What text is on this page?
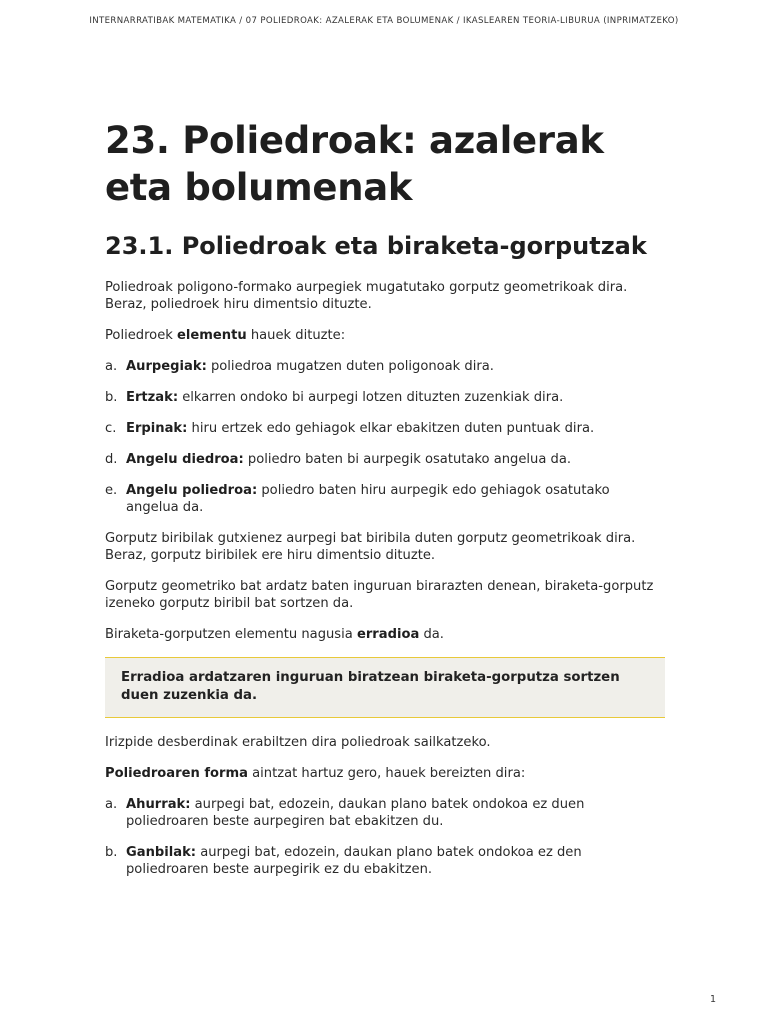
INTERNARRATIBAK MATEMATIKA / 07 POLIEDROAK: AZALERAK ETA BOLUMENAK / IKASLEAREN TEORIA-LIBURUA (INPRIMATZEKO)
23. Poliedroak: azalerak eta bolumenak
23.1. Poliedroak eta biraketa-gorputzak

Poliedroak poligono-formako aurpegiek mugatutako gorputz geometrikoak dira. Beraz, poliedroek hiru dimentsio dituzte.

Poliedroek elementu hauek dituzte:

a. Aurpegiak: poliedroa mugatzen duten poligonoak dira.
b. Ertzak: elkarren ondoko bi aurpegi lotzen dituzten zuzenkiak dira.
c. Erpinak: hiru ertzek edo gehiagok elkar ebakitzen duten puntuak dira.
d. Angelu diedroa: poliedro baten bi aurpegik osatutako angelua da.
e. Angelu poliedroa: poliedro baten hiru aurpegik edo gehiagok osatutako angelua da.

Gorputz biribilak gutxienez aurpegi bat biribila duten gorputz geometrikoak dira. Beraz, gorputz biribilek ere hiru dimentsio dituzte.

Gorputz geometriko bat ardatz baten inguruan birarazten denean, biraketa-gorputz izeneko gorputz biribil bat sortzen da.

Biraketa-gorputzen elementu nagusia erradioa da.

Erradioa ardatzaren inguruan biratzean biraketa-gorputza sortzen duen zuzenkia da.

Irizpide desberdinak erabiltzen dira poliedroak sailkatzeko.

Poliedroaren forma aintzat hartuz gero, hauek bereizten dira:

a. Ahurrak: aurpegi bat, edozein, daukan plano batek ondokoa ez duen poliedroaren beste aurpegiren bat ebakitzen du.
b. Ganbilak: aurpegi bat, edozein, daukan plano batek ondokoa ez den poliedroaren beste aurpegirik ez du ebakitzen.
1
